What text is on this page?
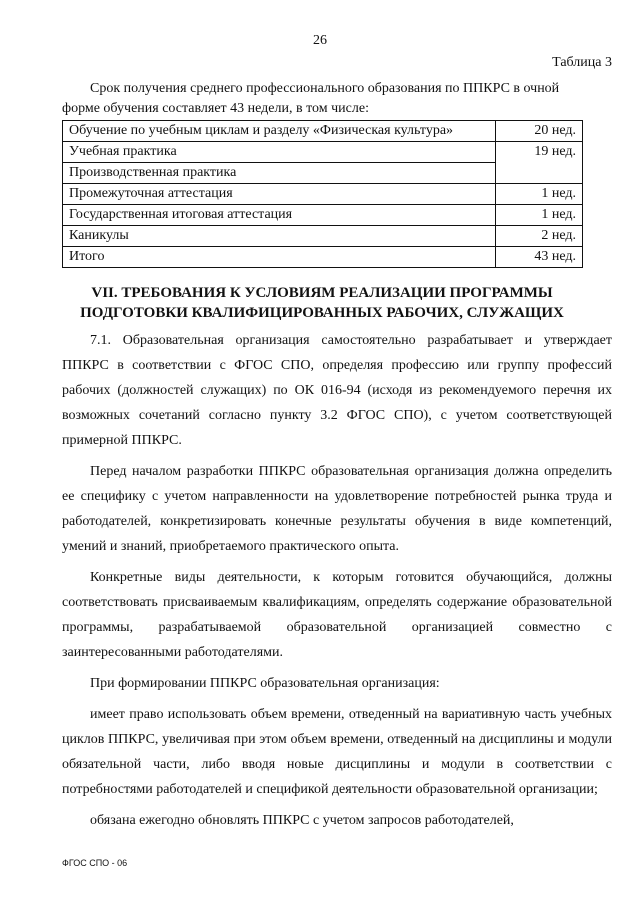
26
Таблица 3
Срок получения среднего профессионального образования по ППКРС в очной
форме обучения составляет 43 недели, в том числе:
Обучение по учебным циклам и разделу «Физическая культура»	20 нед.
Учебная практика	19 нед.
Производственная практика	
Промежуточная аттестация	1 нед.
Государственная итоговая аттестация	1 нед.
Каникулы	2 нед.
Итого	43 нед.
VII. ТРЕБОВАНИЯ К УСЛОВИЯМ РЕАЛИЗАЦИИ ПРОГРАММЫ
ПОДГОТОВКИ КВАЛИФИЦИРОВАННЫХ РАБОЧИХ, СЛУЖАЩИХ

7.1. Образовательная организация самостоятельно разрабатывает и утверждает ППКРС в соответствии с ФГОС СПО, определяя профессию или группу профессий рабочих (должностей служащих) по ОК 016-94 (исходя из рекомендуемого перечня их возможных сочетаний согласно пункту 3.2 ФГОС СПО), с учетом соответствующей примерной ППКРС.

Перед началом разработки ППКРС образовательная организация должна определить ее специфику с учетом направленности на удовлетворение потребностей рынка труда и работодателей, конкретизировать конечные результаты обучения в виде компетенций, умений и знаний, приобретаемого практического опыта.

Конкретные виды деятельности, к которым готовится обучающийся, должны соответствовать присваиваемым квалификациям, определять содержание образовательной программы, разрабатываемой образовательной организацией совместно с заинтересованными работодателями.

При формировании ППКРС образовательная организация:

имеет право использовать объем времени, отведенный на вариативную часть учебных циклов ППКРС, увеличивая при этом объем времени, отведенный на дисциплины и модули обязательной части, либо вводя новые дисциплины и модули в соответствии с потребностями работодателей и спецификой деятельности образовательной организации;

обязана ежегодно обновлять ППКРС с учетом запросов работодателей,

ФГОС СПО - 06
